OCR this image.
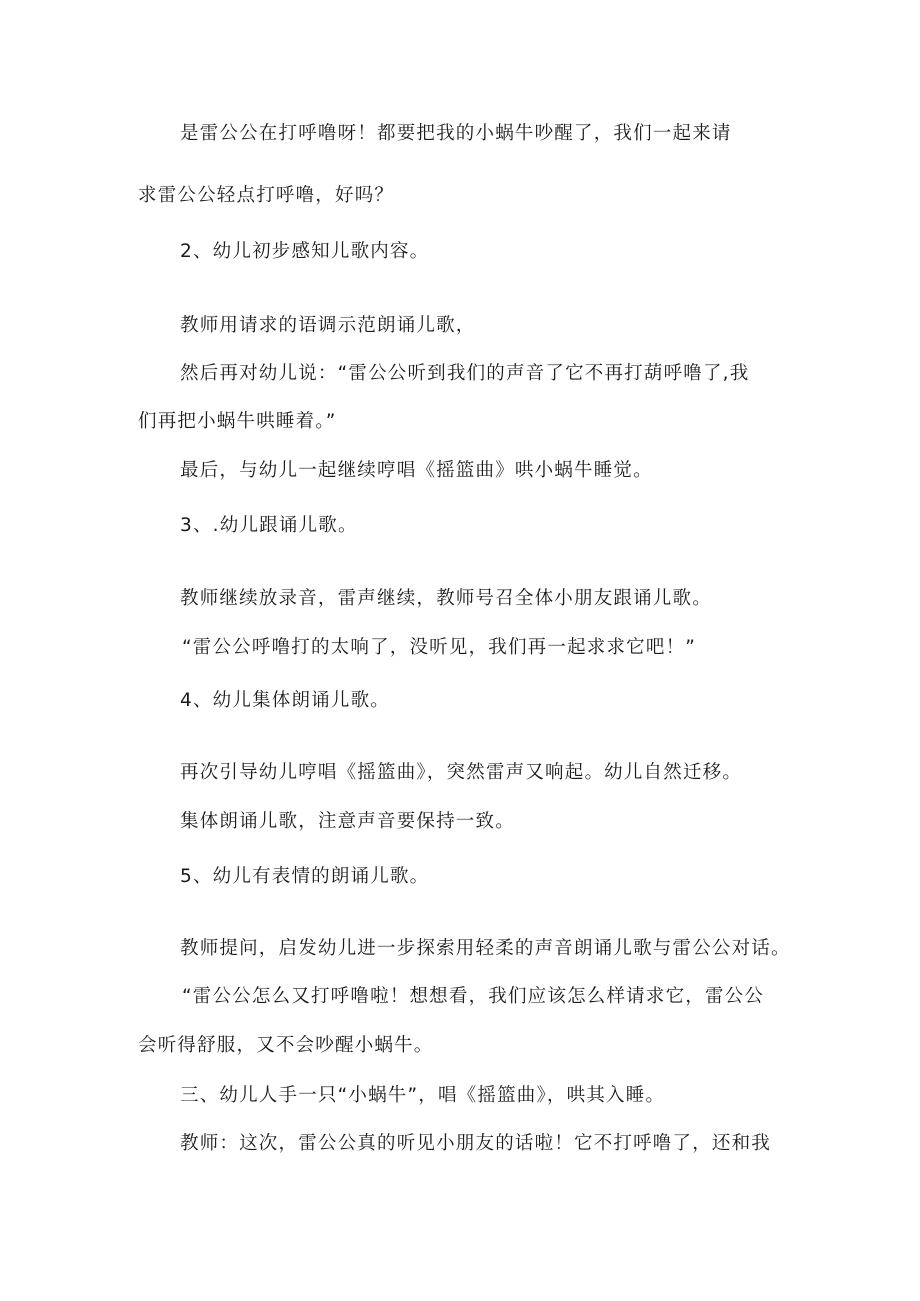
是雷公公在打呼噜呀！都要把我的小蜗牛吵醒了，我们一起来请
求雷公公轻点打呼噜，好吗？
2、幼儿初步感知儿歌内容。
教师用请求的语调示范朗诵儿歌，
然后再对幼儿说：“雷公公听到我们的声音了它不再打葫呼噜了,我
们再把小蜗牛哄睡着。”
最后，与幼儿一起继续哼唱《摇篮曲》哄小蜗牛睡觉。
3、.幼儿跟诵儿歌。
教师继续放录音，雷声继续，教师号召全体小朋友跟诵儿歌。
“雷公公呼噜打的太响了，没听见，我们再一起求求它吧！”
4、幼儿集体朗诵儿歌。
再次引导幼儿哼唱《摇篮曲》，突然雷声又响起。幼儿自然迁移。
集体朗诵儿歌，注意声音要保持一致。
5、幼儿有表情的朗诵儿歌。
教师提问，启发幼儿进一步探索用轻柔的声音朗诵儿歌与雷公公对话。
“雷公公怎么又打呼噜啦！想想看，我们应该怎么样请求它，雷公公
会听得舒服，又不会吵醒小蜗牛。
三、幼儿人手一只“小蜗牛”，唱《摇篮曲》，哄其入睡。
教师：这次，雷公公真的听见小朋友的话啦！它不打呼噜了，还和我
